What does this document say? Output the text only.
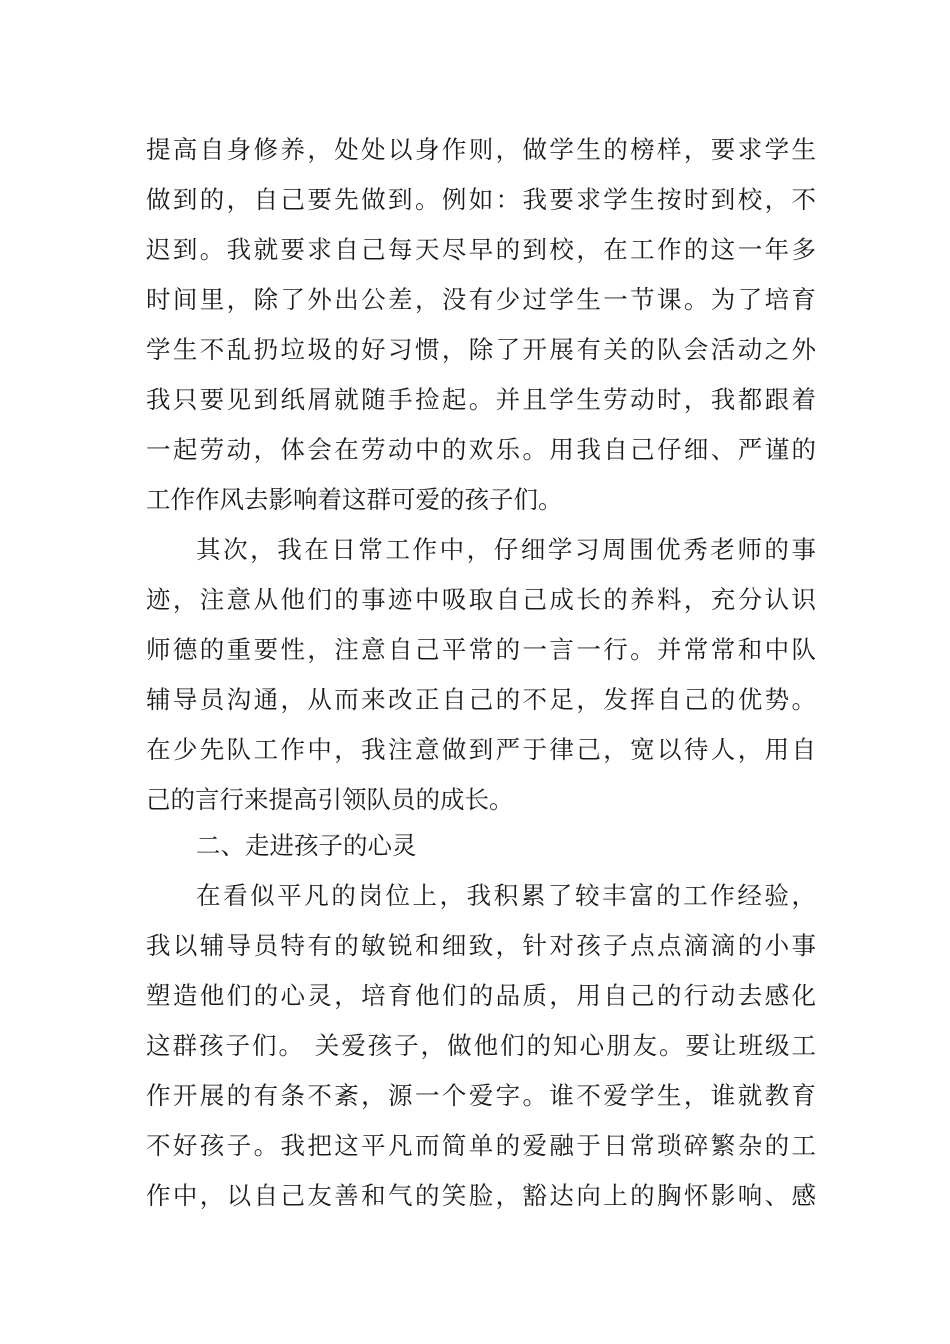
提高自身修养，处处以身作则，做学生的榜样，要求学生
做到的，自己要先做到。例如：我要求学生按时到校，不
迟到。我就要求自己每天尽早的到校，在工作的这一年多
时间里，除了外出公差，没有少过学生一节课。为了培育
学生不乱扔垃圾的好习惯，除了开展有关的队会活动之外
我只要见到纸屑就随手捡起。并且学生劳动时，我都跟着
一起劳动，体会在劳动中的欢乐。用我自己仔细、严谨的
工作作风去影响着这群可爱的孩子们。
其次，我在日常工作中，仔细学习周围优秀老师的事
迹，注意从他们的事迹中吸取自己成长的养料，充分认识
师德的重要性，注意自己平常的一言一行。并常常和中队
辅导员沟通，从而来改正自己的不足，发挥自己的优势。
在少先队工作中，我注意做到严于律己，宽以待人，用自
己的言行来提高引领队员的成长。
二、走进孩子的心灵
在看似平凡的岗位上，我积累了较丰富的工作经验，
我以辅导员特有的敏锐和细致，针对孩子点点滴滴的小事
塑造他们的心灵，培育他们的品质，用自己的行动去感化
这群孩子们。 关爱孩子，做他们的知心朋友。要让班级工
作开展的有条不紊，源一个爱字。谁不爱学生，谁就教育
不好孩子。我把这平凡而简单的爱融于日常琐碎繁杂的工
作中，以自己友善和气的笑脸，豁达向上的胸怀影响、感
